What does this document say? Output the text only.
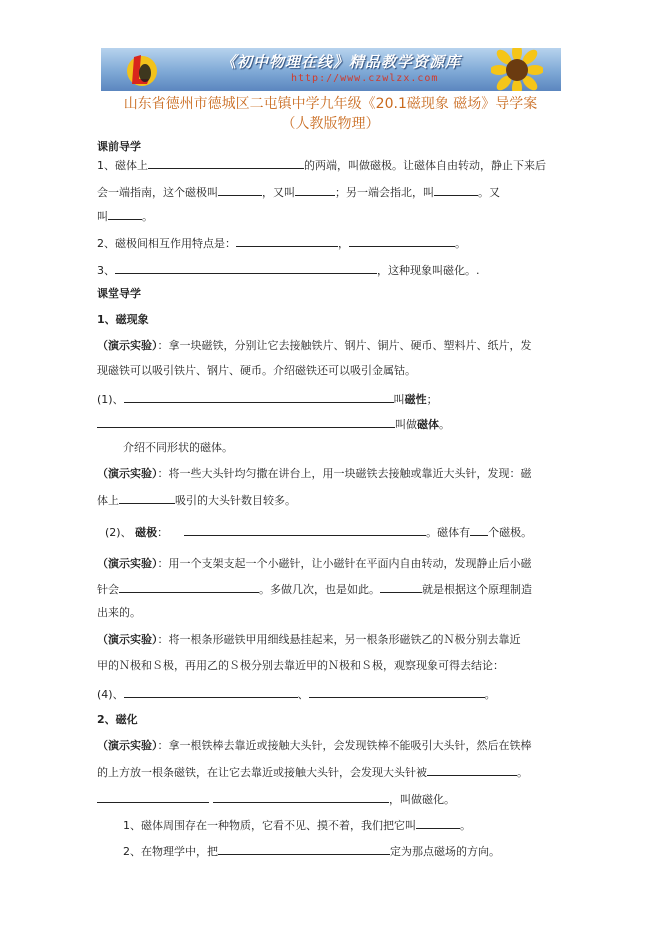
《初中物理在线》精品教学资源库
http://www.czwlzx.com
山东省德州市德城区二屯镇中学九年级《20.1磁现象 磁场》导学案
（人教版物理）
课前导学
1、磁体上	的两端，叫做磁极。让磁体自由转动，静止下来后
会一端指南，这个磁极叫	，又叫	；另一端会指北，叫	。又
叫	。
2、磁极间相互作用特点是：	，	。
3、	，这种现象叫磁化。.
课堂导学
1、磁现象
（演示实验）：拿一块磁铁，分别让它去接触铁片、钢片、铜片、硬币、塑料片、纸片，发
现磁铁可以吸引铁片、钢片、硬币。介绍磁铁还可以吸引金属钴。
(1)、	叫磁性；
叫做磁体。
介绍不同形状的磁体。
（演示实验）：将一些大头针均匀撒在讲台上，用一块磁铁去接触或靠近大头针，发现：磁
体上	吸引的大头针数目较多。
(2)、 磁极：	。磁体有 个磁极。
（演示实验）：用一个支架支起一个小磁针，让小磁针在平面内自由转动，发现静止后小磁
针会	。多做几次，也是如此。	就是根据这个原理制造
出来的。
（演示实验）：将一根条形磁铁甲用细线悬挂起来，另一根条形磁铁乙的Ｎ极分别去靠近
甲的Ｎ极和Ｓ极，再用乙的Ｓ极分别去靠近甲的Ｎ极和Ｓ极，观察现象可得去结论：
(4)、	、	。
2、磁化
（演示实验）：拿一根铁棒去靠近或接触大头针，会发现铁棒不能吸引大头针，然后在铁棒
的上方放一根条磁铁，在让它去靠近或接触大头针，会发现大头针被	。
，叫做磁化。
1、磁体周围存在一种物质，它看不见、摸不着，我们把它叫	。
2、在物理学中，把	定为那点磁场的方向。
